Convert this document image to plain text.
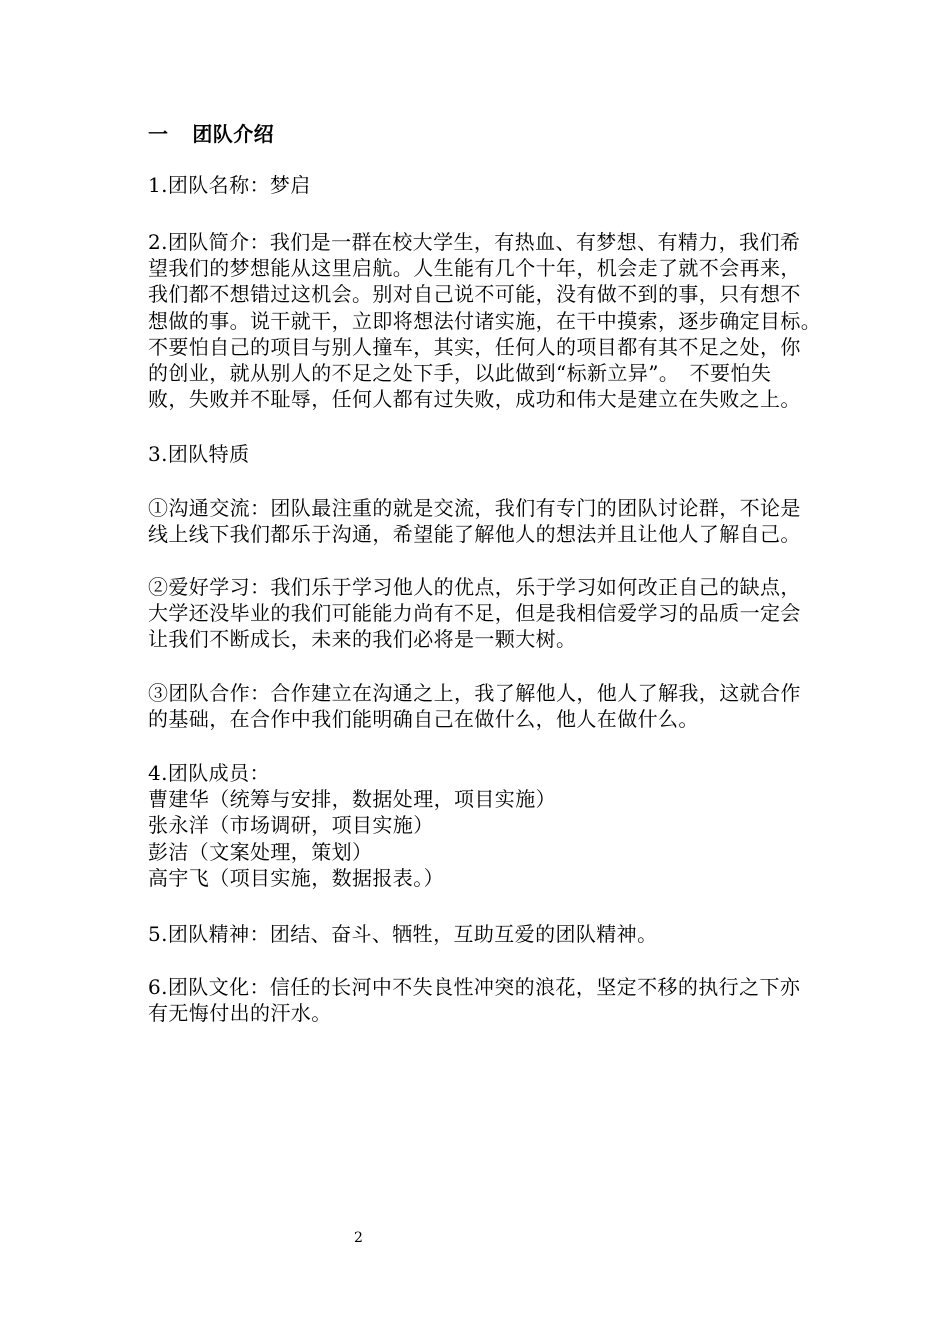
一 团队介绍
1.团队名称：梦启
2.团队简介：我们是一群在校大学生，有热血、有梦想、有精力，我们希
望我们的梦想能从这里启航。人生能有几个十年，机会走了就不会再来，
我们都不想错过这机会。别对自己说不可能，没有做不到的事，只有想不
想做的事。说干就干，立即将想法付诸实施，在干中摸索，逐步确定目标。
不要怕自己的项目与别人撞车，其实，任何人的项目都有其不足之处，你
的创业，就从别人的不足之处下手，以此做到“标新立异”。　不要怕失
败，失败并不耻辱，任何人都有过失败，成功和伟大是建立在失败之上。
3.团队特质
①沟通交流：团队最注重的就是交流，我们有专门的团队讨论群，不论是
线上线下我们都乐于沟通，希望能了解他人的想法并且让他人了解自己。
②爱好学习：我们乐于学习他人的优点，乐于学习如何改正自己的缺点，
大学还没毕业的我们可能能力尚有不足，但是我相信爱学习的品质一定会
让我们不断成长，未来的我们必将是一颗大树。
③团队合作：合作建立在沟通之上，我了解他人，他人了解我，这就合作
的基础，在合作中我们能明确自己在做什么，他人在做什么。
4.团队成员：
曹建华（统筹与安排，数据处理，项目实施）
张永洋（市场调研，项目实施）
彭洁（文案处理，策划）
高宇飞（项目实施，数据报表。）
5.团队精神：团结、奋斗、牺牲，互助互爱的团队精神。
6.团队文化：信任的长河中不失良性冲突的浪花，坚定不移的执行之下亦
有无悔付出的汗水。
2
